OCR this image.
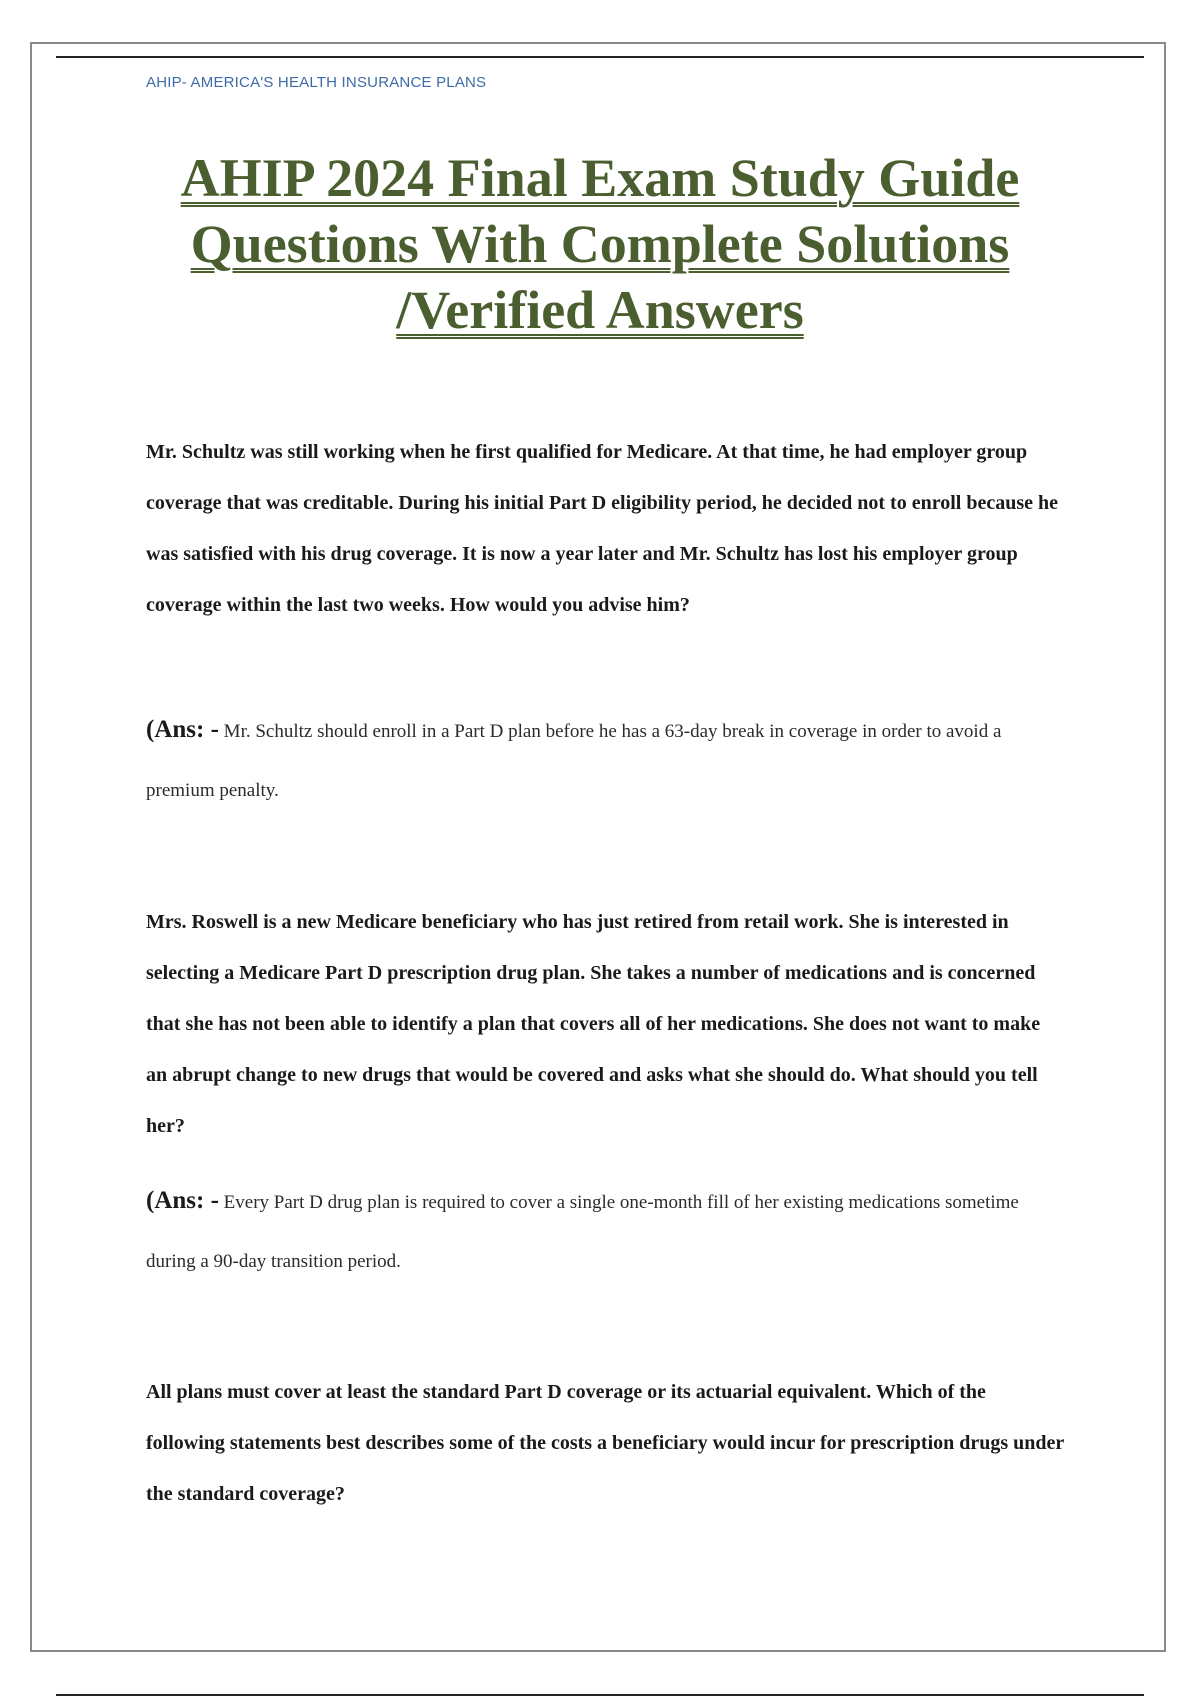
AHIP- AMERICA'S HEALTH INSURANCE PLANS
AHIP 2024 Final Exam Study Guide
Questions With Complete Solutions
/Verified Answers

Mr. Schultz was still working when he first qualified for Medicare. At that time, he had employer group coverage that was creditable. During his initial Part D eligibility period, he decided not to enroll because he was satisfied with his drug coverage. It is now a year later and Mr. Schultz has lost his employer group coverage within the last two weeks. How would you advise him?

(Ans: - Mr. Schultz should enroll in a Part D plan before he has a 63-day break in coverage in order to avoid a premium penalty.

Mrs. Roswell is a new Medicare beneficiary who has just retired from retail work. She is interested in selecting a Medicare Part D prescription drug plan. She takes a number of medications and is concerned that she has not been able to identify a plan that covers all of her medications. She does not want to make an abrupt change to new drugs that would be covered and asks what she should do. What should you tell her?

(Ans: - Every Part D drug plan is required to cover a single one-month fill of her existing medications sometime during a 90-day transition period.

All plans must cover at least the standard Part D coverage or its actuarial equivalent. Which of the following statements best describes some of the costs a beneficiary would incur for prescription drugs under the standard coverage?
